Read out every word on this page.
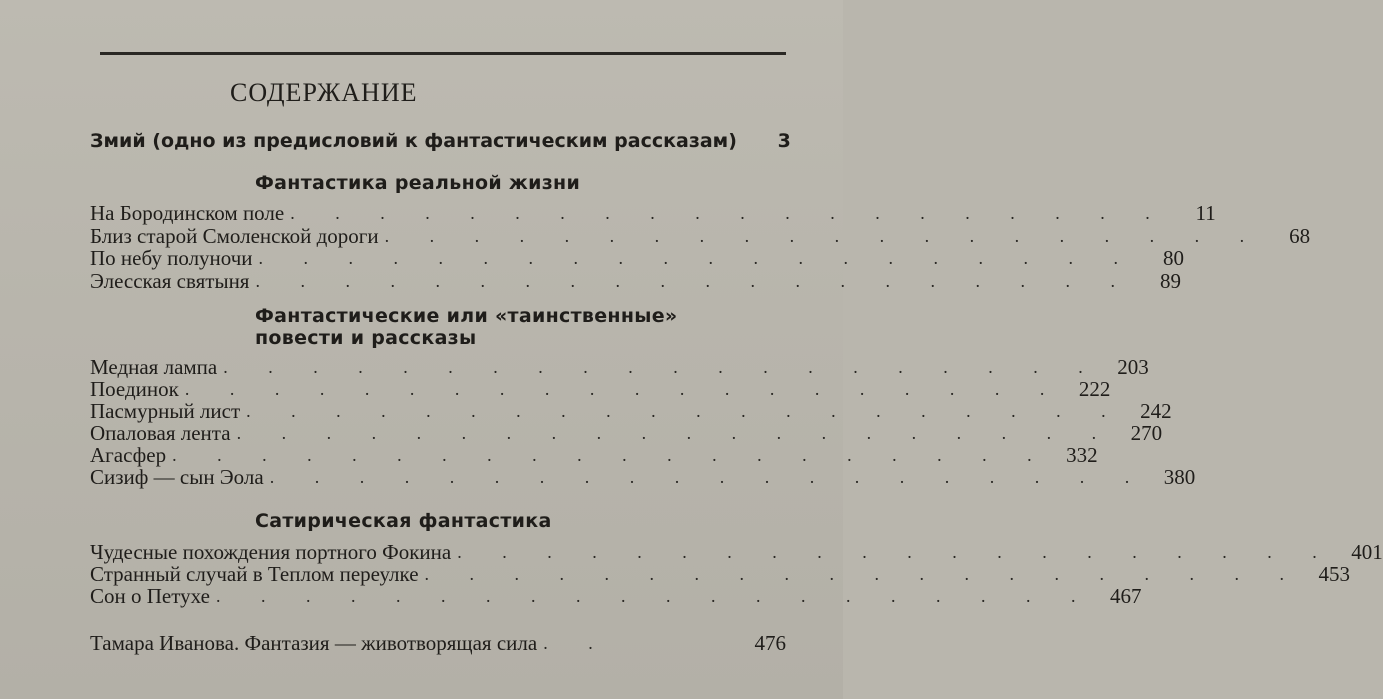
СОДЕРЖАНИЕ
Змий (одно из предисловий к фантастическим рассказам)	3
Фантастика реальной жизни
На Бородинском поле . . . . . . . . . . . . . . . . . . . .	11
Близ старой Смоленской дороги . . . . . . . . . . . . . . . . . . . .	68
По небу полуночи . . . . . . . . . . . . . . . . . . . .	80
Элесская святыня . . . . . . . . . . . . . . . . . . . .	89
Фантастические или «таинственные»
повести и рассказы
Медная лампа . . . . . . . . . . . . . . . . . . . . 203
Поединок . . . . . . . . . . . . . . . . . . . . 222
Пасмурный лист . . . . . . . . . . . . . . . . . . . . 242
Опаловая лента . . . . . . . . . . . . . . . . . . . . 270
Агасфер . . . . . . . . . . . . . . . . . . . . 332
Сизиф — сын Эола . . . . . . . . . . . . . . . . . . . . 380
Сатирическая фантастика
Чудесные похождения портного Фокина . . . . . . . . . . . . . . . . . . . . 401
Странный случай в Теплом переулке . . . . . . . . . . . . . . . . . . . . 453
Сон о Петухе . . . . . . . . . . . . . . . . . . . . 467
Тамара Иванова. Фантазия — животворящая сила . .	476
